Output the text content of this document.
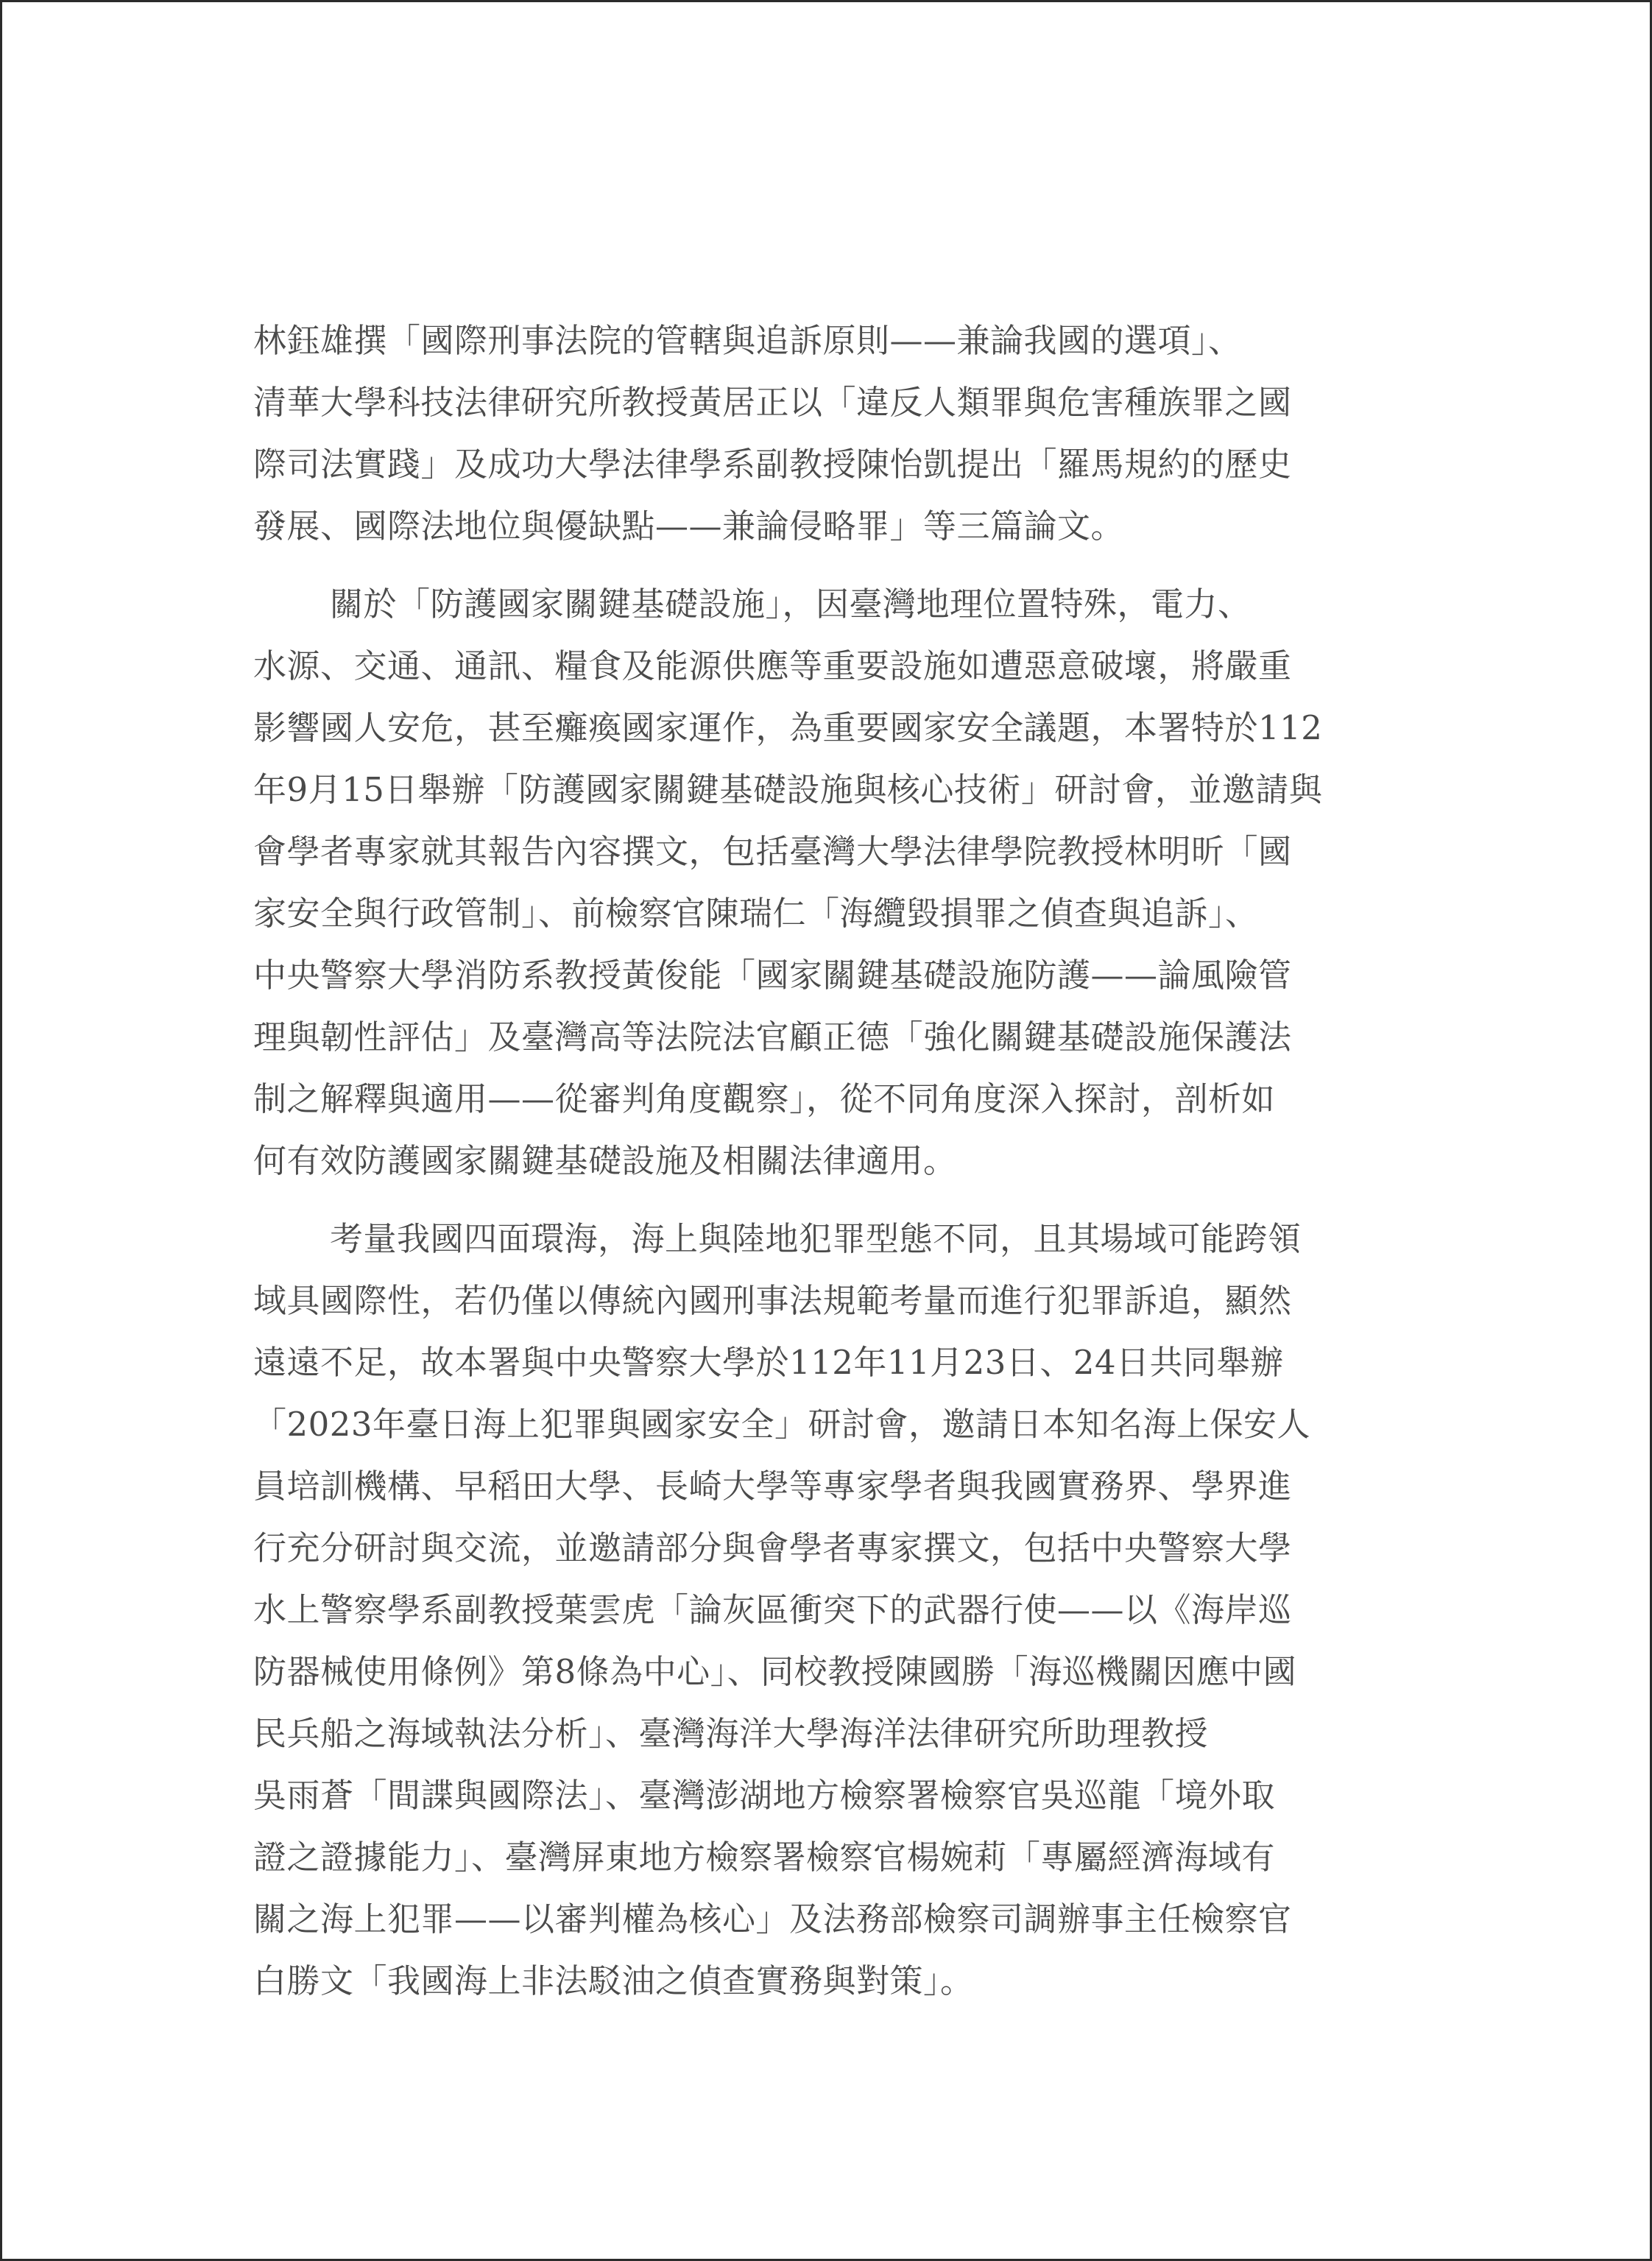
林鈺雄撰「國際刑事法院的管轄與追訴原則——兼論我國的選項」、
清華大學科技法律研究所教授黃居正以「違反人類罪與危害種族罪之國
際司法實踐」及成功大學法律學系副教授陳怡凱提出「羅馬規約的歷史
發展、國際法地位與優缺點——兼論侵略罪」等三篇論文。
關於「防護國家關鍵基礎設施」，因臺灣地理位置特殊，電力、
水源、交通、通訊、糧食及能源供應等重要設施如遭惡意破壞，將嚴重
影響國人安危，甚至癱瘓國家運作，為重要國家安全議題，本署特於112
年9月15日舉辦「防護國家關鍵基礎設施與核心技術」研討會，並邀請與
會學者專家就其報告內容撰文，包括臺灣大學法律學院教授林明昕「國
家安全與行政管制」、前檢察官陳瑞仁「海纜毀損罪之偵查與追訴」、
中央警察大學消防系教授黃俊能「國家關鍵基礎設施防護——論風險管
理與韌性評估」及臺灣高等法院法官顧正德「強化關鍵基礎設施保護法
制之解釋與適用——從審判角度觀察」，從不同角度深入探討，剖析如
何有效防護國家關鍵基礎設施及相關法律適用。
考量我國四面環海，海上與陸地犯罪型態不同，且其場域可能跨領
域具國際性，若仍僅以傳統內國刑事法規範考量而進行犯罪訴追，顯然
遠遠不足，故本署與中央警察大學於112年11月23日、24日共同舉辦
「2023年臺日海上犯罪與國家安全」研討會，邀請日本知名海上保安人
員培訓機構、早稻田大學、長崎大學等專家學者與我國實務界、學界進
行充分研討與交流，並邀請部分與會學者專家撰文，包括中央警察大學
水上警察學系副教授葉雲虎「論灰區衝突下的武器行使——以《海岸巡
防器械使用條例》第8條為中心」、同校教授陳國勝「海巡機關因應中國
民兵船之海域執法分析」、臺灣海洋大學海洋法律研究所助理教授
吳雨蒼「間諜與國際法」、臺灣澎湖地方檢察署檢察官吳巡龍「境外取
證之證據能力」、臺灣屏東地方檢察署檢察官楊婉莉「專屬經濟海域有
關之海上犯罪——以審判權為核心」及法務部檢察司調辦事主任檢察官
白勝文「我國海上非法駁油之偵查實務與對策」。
